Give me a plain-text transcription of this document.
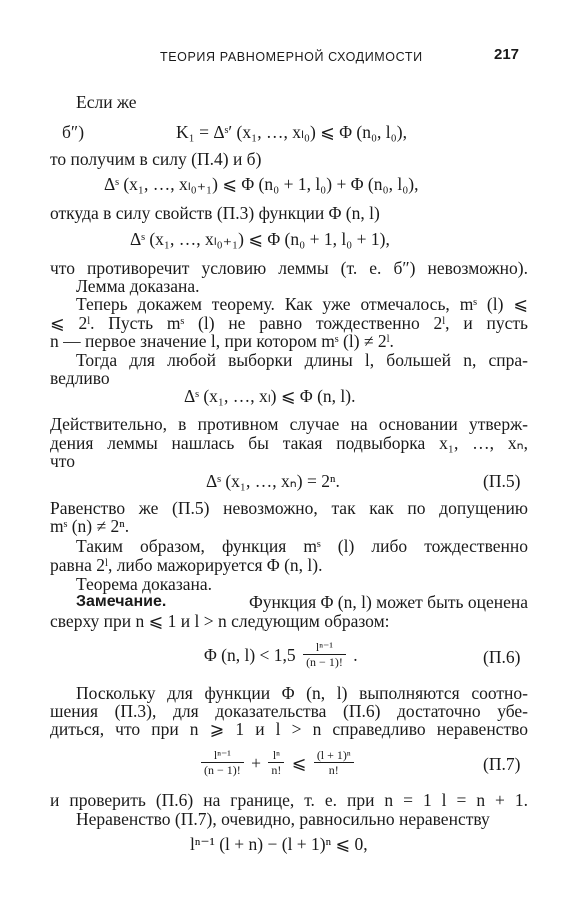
ТЕОРИЯ РАВНОМЕРНОЙ СХОДИМОСТИ	217
Если же
б″)	K₁ = Δˢ′ (x₁, …, xₗ₀) ⩽ Φ (n₀, l₀),
то получим в силу (П.4) и б)
Δˢ (x₁, …, xₗ₀₊₁) ⩽ Φ (n₀ + 1, l₀) + Φ (n₀, l₀),
откуда в силу свойств (П.3) функции Φ (n, l)
Δˢ (x₁, …, xₗ₀₊₁) ⩽ Φ (n₀ + 1, l₀ + 1),
что противоречит условию леммы (т. е. б″) невозможно).
Лемма доказана.
Теперь докажем теорему. Как уже отмечалось, mˢ (l) ⩽
⩽ 2ˡ. Пусть mˢ (l) не равно тождественно 2ˡ, и пусть
n — первое значение l, при котором mˢ (l) ≠ 2ˡ.
Тогда для любой выборки длины l, большей n, спра-
ведливо
Δˢ (x₁, …, xₗ) ⩽ Φ (n, l).
Действительно, в противном случае на основании утверж-
дения леммы нашлась бы такая подвыборка x₁, …, xₙ,
что
Δˢ (x₁, …, xₙ) = 2ⁿ.	(П.5)
Равенство же (П.5) невозможно, так как по допущению
mˢ (n) ≠ 2ⁿ.
Таким образом, функция mˢ (l) либо тождественно
равна 2ˡ, либо мажорируется Φ (n, l).
Теорема доказана.
Замечание.	Функция Φ (n, l) может быть оценена
сверху при n ⩽ 1 и l > n следующим образом:
Φ (n, $l) < 1,5 \frac{\text{lⁿ⁻¹}}{(n - 1)!}$ .	(П.6)
Поскольку для функции Φ (n, l) выполняются соотно-
шения (П.3), для доказательства (П.6) достаточно убе-
диться, что при n ⩾ 1 и l > n справедливо неравенство
$\frac{\text{lⁿ⁻¹}}{(n - 1)!} + \frac{\text{lⁿ}}{n!}$ ⩽ $\frac{\text{(l + 1)ⁿ}}{n!}$	(П.7)
и проверить (П.6) на границе, т. е. при n = 1 l = n + 1.
Неравенство (П.7), очевидно, равносильно неравенству
lⁿ⁻¹ (l + n) − (l + 1)ⁿ ⩽ 0,
